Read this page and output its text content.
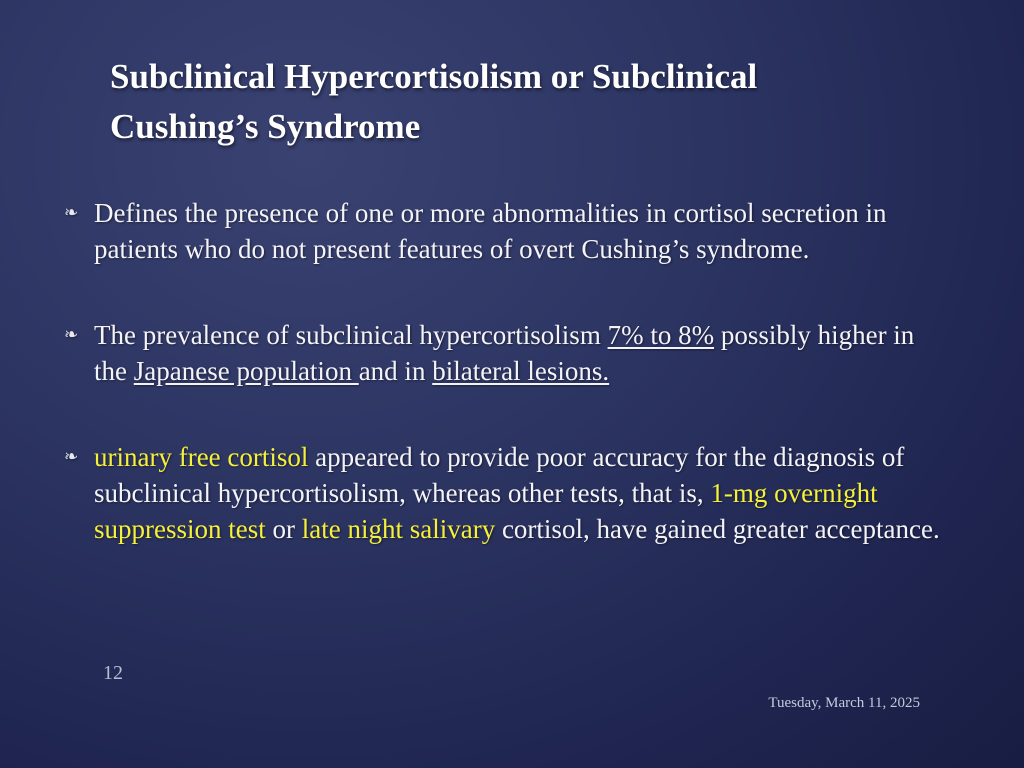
Subclinical Hypercortisolism or Subclinical
Cushing’s Syndrome
❧ Defines the presence of one or more abnormalities in cortisol secretion in patients who do not present features of overt Cushing’s syndrome.
❧ The prevalence of subclinical hypercortisolism 7% to 8% possibly higher in the Japanese population and in bilateral lesions.
❧ urinary free cortisol appeared to provide poor accuracy for the diagnosis of subclinical hypercortisolism, whereas other tests, that is, 1-mg overnight suppression test or late night salivary cortisol, have gained greater acceptance.
12
Tuesday, March 11, 2025
